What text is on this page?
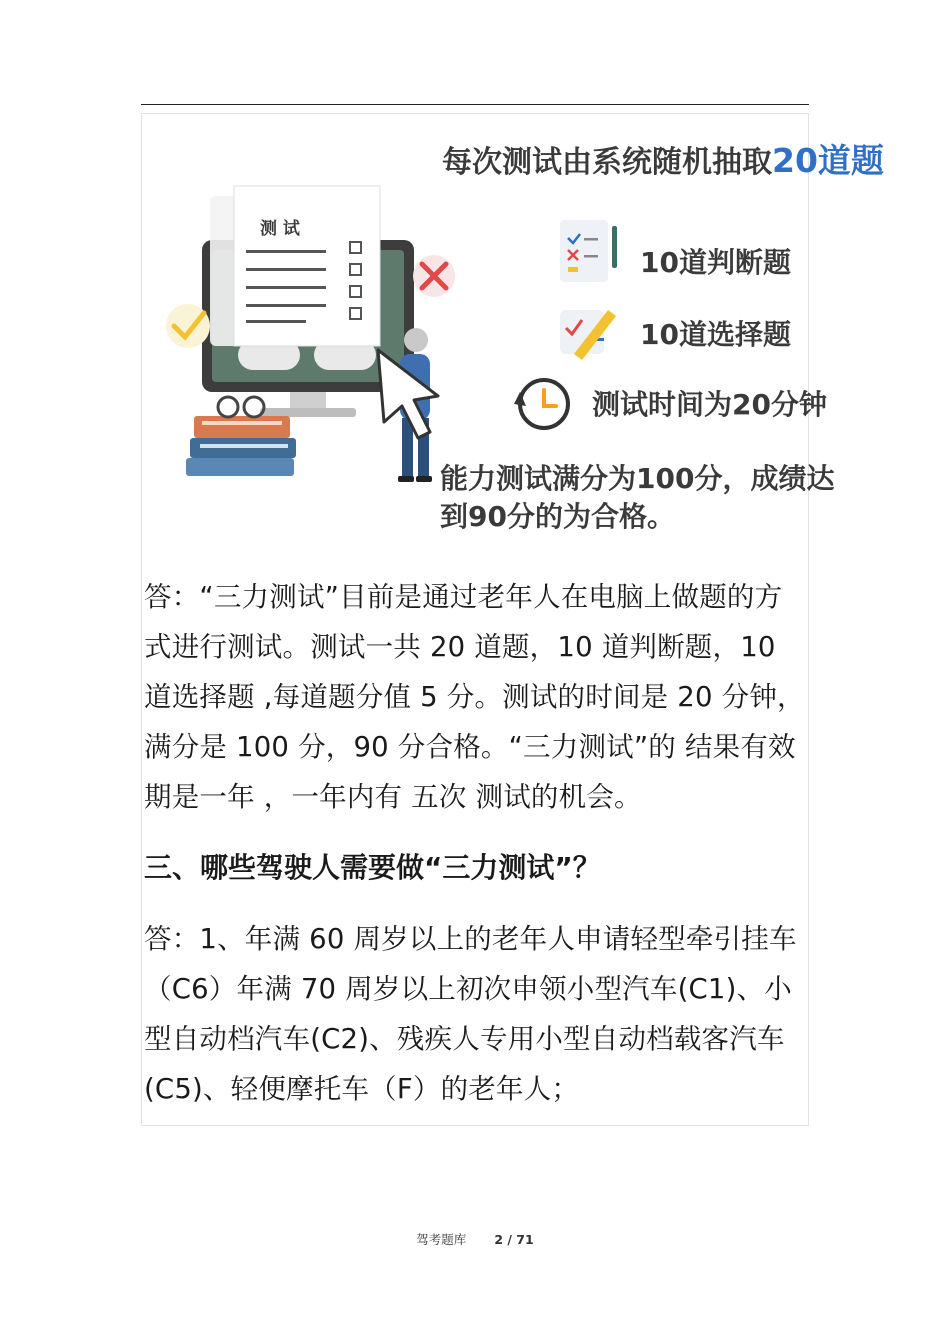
每次测试由系统随机抽取20道题
测 试
10道判断题
10道选择题
测试时间为20分钟
能力测试满分为100分，成绩达
到90分的为合格。

答：“三力测试”目前是通过老年人在电脑上做题的方式进行测试。测试一共 20 道题，10 道判断题，10 道选择题 ,每道题分值 5 分。测试的时间是 20 分钟，满分是 100 分，90 分合格。“三力测试”的 结果有效期是一年 ，一年内有 五次 测试的机会。

三、哪些驾驶人需要做“三力测试”？

答：1、年满 60 周岁以上的老年人申请轻型牵引挂车（C6）年满 70 周岁以上初次申领小型汽车(C1)、小型自动档汽车(C2)、残疾人专用小型自动档载客汽车(C5)、轻便摩托车（F）的老年人；

驾考题库 2 / 71
